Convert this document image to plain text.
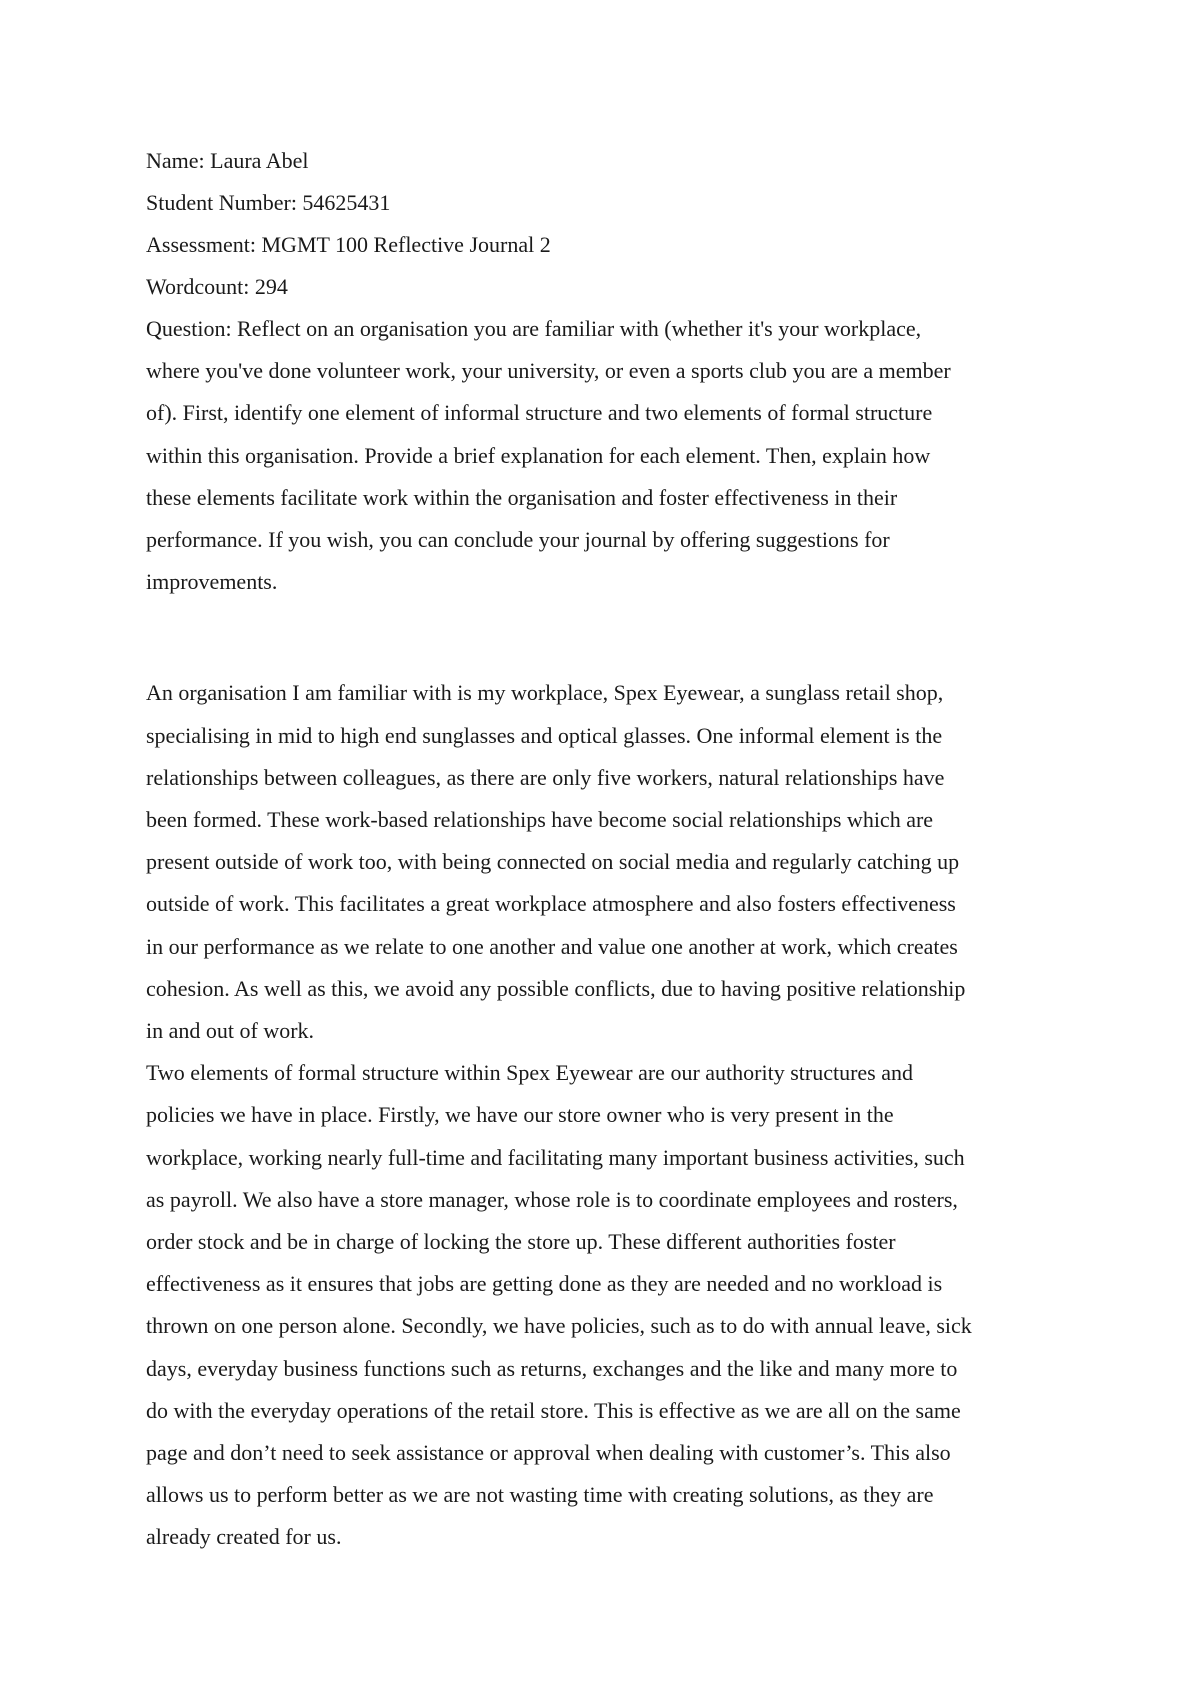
Name: Laura Abel

Student Number: 54625431

Assessment: MGMT 100 Reflective Journal 2

Wordcount: 294

Question: Reflect on an organisation you are familiar with (whether it's your workplace,
where you've done volunteer work, your university, or even a sports club you are a member
of). First, identify one element of informal structure and two elements of formal structure
within this organisation. Provide a brief explanation for each element. Then, explain how
these elements facilitate work within the organisation and foster effectiveness in their
performance. If you wish, you can conclude your journal by offering suggestions for
improvements.

An organisation I am familiar with is my workplace, Spex Eyewear, a sunglass retail shop,
specialising in mid to high end sunglasses and optical glasses. One informal element is the
relationships between colleagues, as there are only five workers, natural relationships have
been formed. These work-based relationships have become social relationships which are
present outside of work too, with being connected on social media and regularly catching up
outside of work. This facilitates a great workplace atmosphere and also fosters effectiveness
in our performance as we relate to one another and value one another at work, which creates
cohesion. As well as this, we avoid any possible conflicts, due to having positive relationship
in and out of work.

Two elements of formal structure within Spex Eyewear are our authority structures and
policies we have in place. Firstly, we have our store owner who is very present in the
workplace, working nearly full-time and facilitating many important business activities, such
as payroll. We also have a store manager, whose role is to coordinate employees and rosters,
order stock and be in charge of locking the store up. These different authorities foster
effectiveness as it ensures that jobs are getting done as they are needed and no workload is
thrown on one person alone. Secondly, we have policies, such as to do with annual leave, sick
days, everyday business functions such as returns, exchanges and the like and many more to
do with the everyday operations of the retail store. This is effective as we are all on the same
page and don’t need to seek assistance or approval when dealing with customer’s. This also
allows us to perform better as we are not wasting time with creating solutions, as they are
already created for us.
